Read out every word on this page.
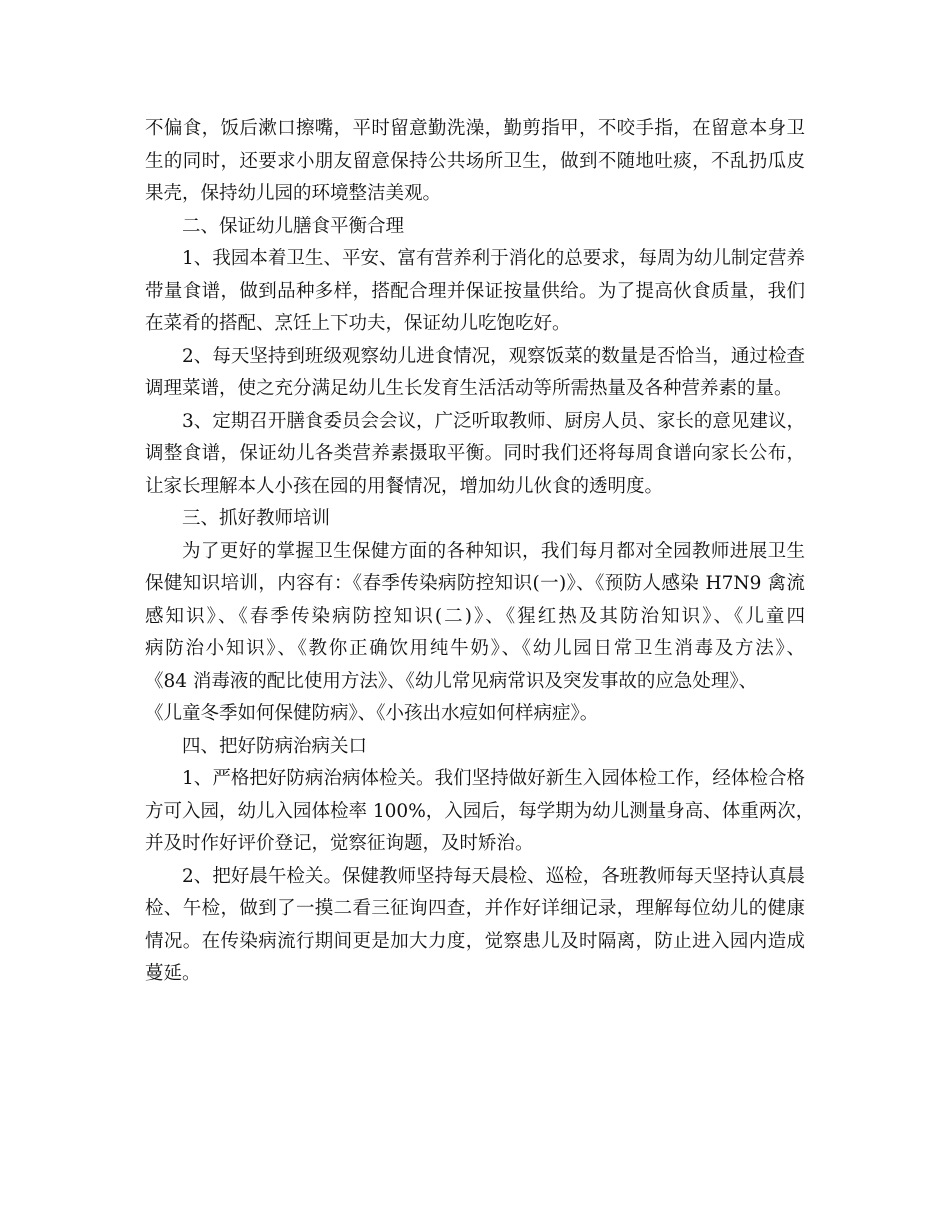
不偏食，饭后漱口擦嘴，平时留意勤洗澡，勤剪指甲，不咬手指，在留意本身卫
生的同时，还要求小朋友留意保持公共场所卫生，做到不随地吐痰，不乱扔瓜皮
果壳，保持幼儿园的环境整洁美观。
二、保证幼儿膳食平衡合理
1、我园本着卫生、平安、富有营养利于消化的总要求，每周为幼儿制定营养
带量食谱，做到品种多样，搭配合理并保证按量供给。为了提高伙食质量，我们
在菜肴的搭配、烹饪上下功夫，保证幼儿吃饱吃好。
2、每天坚持到班级观察幼儿进食情况，观察饭菜的数量是否恰当，通过检查
调理菜谱，使之充分满足幼儿生长发育生活活动等所需热量及各种营养素的量。
3、定期召开膳食委员会会议，广泛听取教师、厨房人员、家长的意见建议，
调整食谱，保证幼儿各类营养素摄取平衡。同时我们还将每周食谱向家长公布，
让家长理解本人小孩在园的用餐情况，增加幼儿伙食的透明度。
三、抓好教师培训
为了更好的掌握卫生保健方面的各种知识，我们每月都对全园教师进展卫生
保健知识培训，内容有：《春季传染病防控知识(一)》、《预防人感染 H7N9 禽流
感知识》、《春季传染病防控知识(二)》、《猩红热及其防治知识》、《儿童四
病防治小知识》、《教你正确饮用纯牛奶》、《幼儿园日常卫生消毒及方法》、
《84 消毒液的配比使用方法》、《幼儿常见病常识及突发事故的应急处理》、
《儿童冬季如何保健防病》、《小孩出水痘如何样病症》。
四、把好防病治病关口
1、严格把好防病治病体检关。我们坚持做好新生入园体检工作，经体检合格
方可入园，幼儿入园体检率 100%，入园后，每学期为幼儿测量身高、体重两次，
并及时作好评价登记，觉察征询题，及时矫治。
2、把好晨午检关。保健教师坚持每天晨检、巡检，各班教师每天坚持认真晨
检、午检，做到了一摸二看三征询四查，并作好详细记录，理解每位幼儿的健康
情况。在传染病流行期间更是加大力度，觉察患儿及时隔离，防止进入园内造成
蔓延。
